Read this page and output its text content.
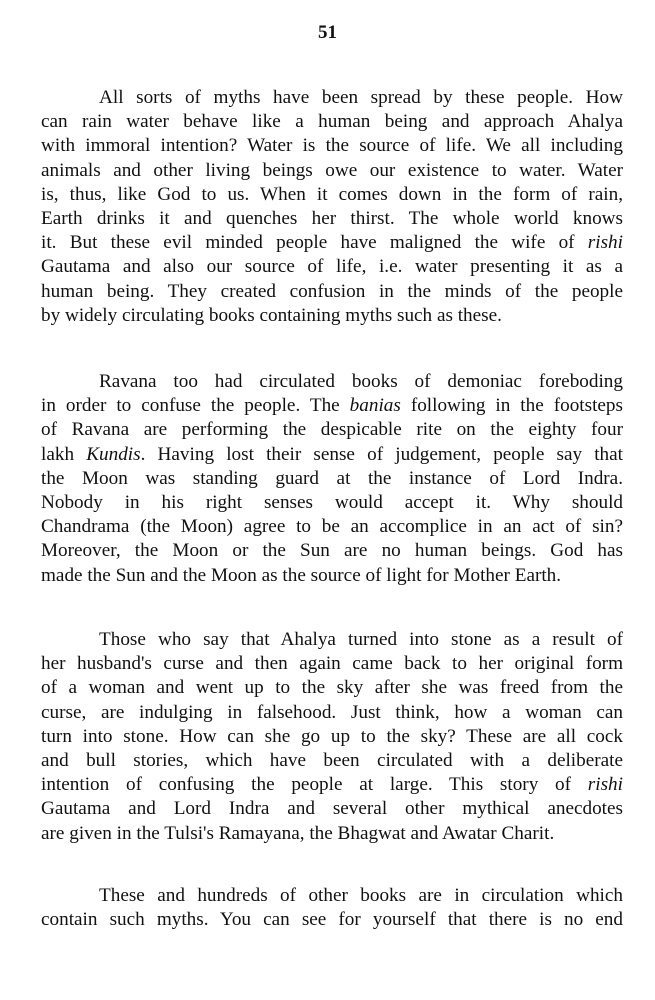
51
All sorts of myths have been spread by these people. How
can rain water behave like a human being and approach Ahalya
with immoral intention? Water is the source of life. We all including
animals and other living beings owe our existence to water. Water
is, thus, like God to us. When it comes down in the form of rain,
Earth drinks it and quenches her thirst. The whole world knows
it. But these evil minded people have maligned the wife of rishi
Gautama and also our source of life, i.e. water presenting it as a
human being. They created confusion in the minds of the people
by widely circulating books containing myths such as these.
Ravana too had circulated books of demoniac foreboding
in order to confuse the people. The banias following in the footsteps
of Ravana are performing the despicable rite on the eighty four
lakh Kundis. Having lost their sense of judgement, people say that
the Moon was standing guard at the instance of Lord Indra.
Nobody in his right senses would accept it. Why should
Chandrama (the Moon) agree to be an accomplice in an act of sin?
Moreover, the Moon or the Sun are no human beings. God has
made the Sun and the Moon as the source of light for Mother Earth.
Those who say that Ahalya turned into stone as a result of
her husband's curse and then again came back to her original form
of a woman and went up to the sky after she was freed from the
curse, are indulging in falsehood. Just think, how a woman can
turn into stone. How can she go up to the sky? These are all cock
and bull stories, which have been circulated with a deliberate
intention of confusing the people at large. This story of rishi
Gautama and Lord Indra and several other mythical anecdotes
are given in the Tulsi's Ramayana, the Bhagwat and Awatar Charit.
These and hundreds of other books are in circulation which
contain such myths. You can see for yourself that there is no end
